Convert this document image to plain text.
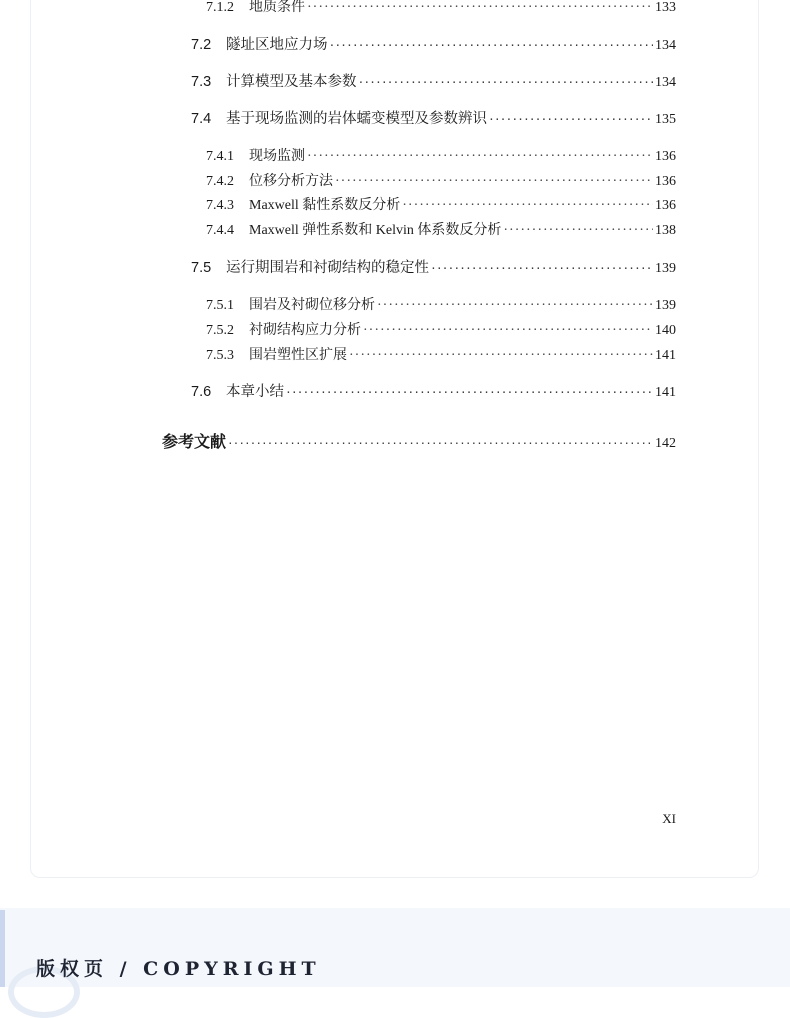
7.1.2	地质条件 ·····	133
7.2	隧址区地应力场 ·····	134
7.3	计算模型及基本参数 ·····	134
7.4	基于现场监测的岩体蠕变模型及参数辨识 ·····	135
7.4.1	现场监测 ·····	136
7.4.2	位移分析方法 ·····	136
7.4.3	Maxwell 黏性系数反分析 ·····	136
7.4.4	Maxwell 弹性系数和 Kelvin 体系数反分析 ·····	138
7.5	运行期围岩和衬砌结构的稳定性 ·····	139
7.5.1	围岩及衬砌位移分析 ·····	139
7.5.2	衬砌结构应力分析 ·····	140
7.5.3	围岩塑性区扩展 ·····	141
7.6	本章小结 ·····	141
参考文献 ·····	142
XI
版权页 / COPYRIGHT
